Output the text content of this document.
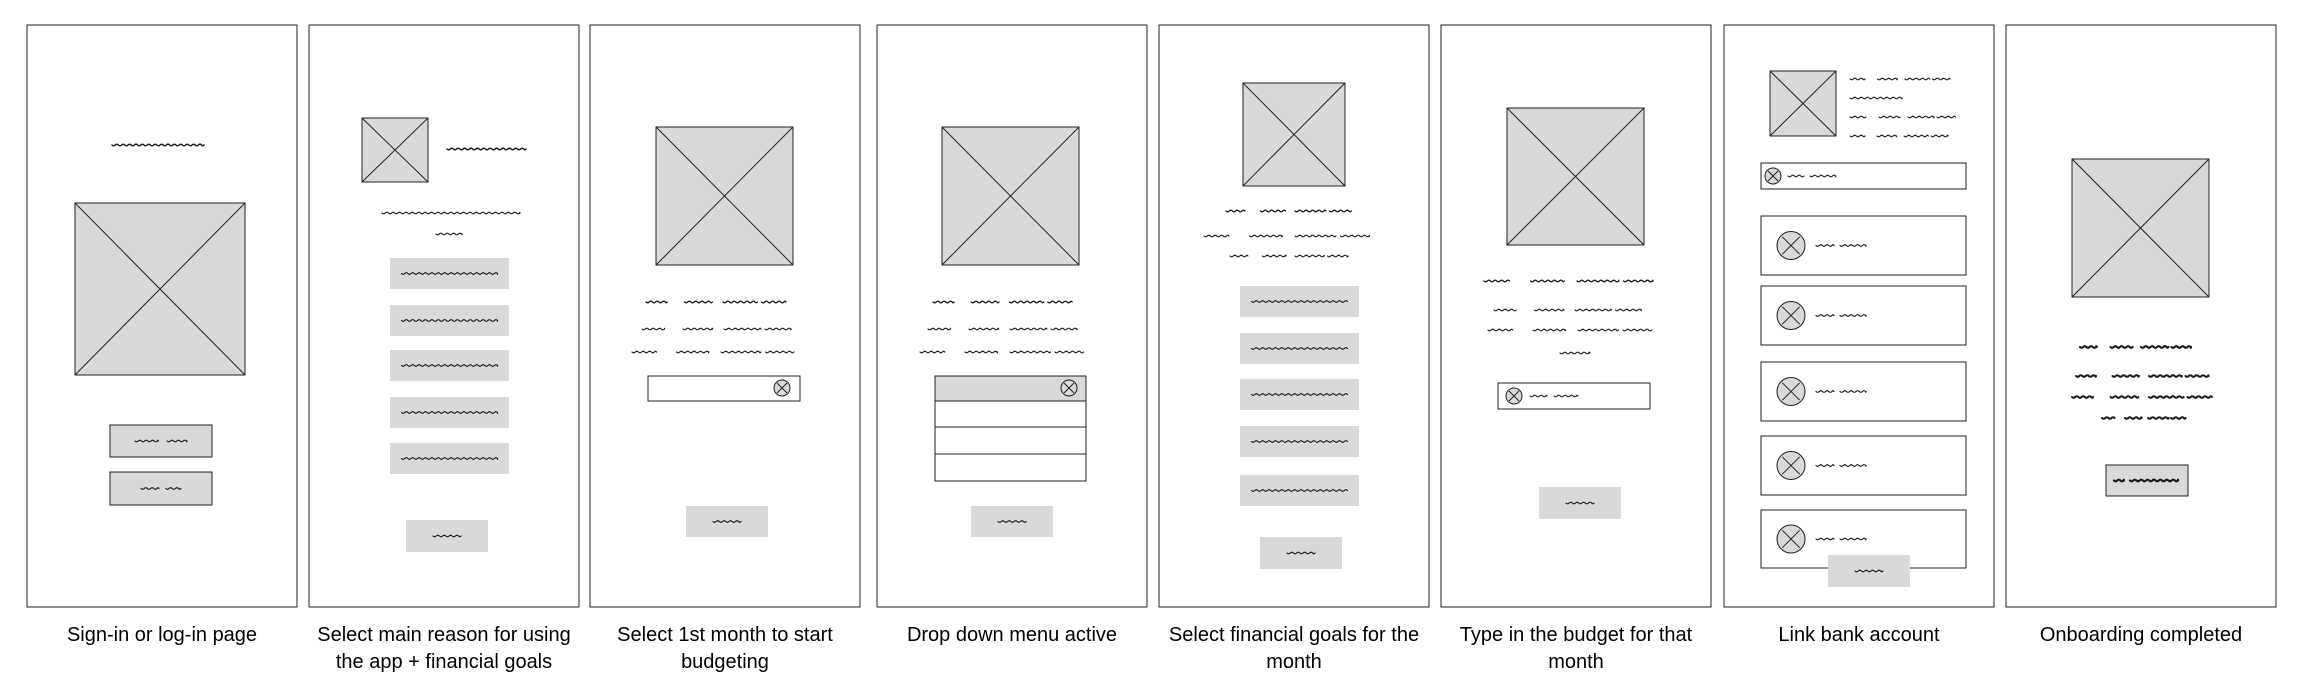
Sign-in or log-in page	Select main reason for using the app + financial goals
Select 1st month to start budgeting
Drop down menu active	Select financial goals for the month
Type in the budget for that month
Link bank account	Onboarding completed
